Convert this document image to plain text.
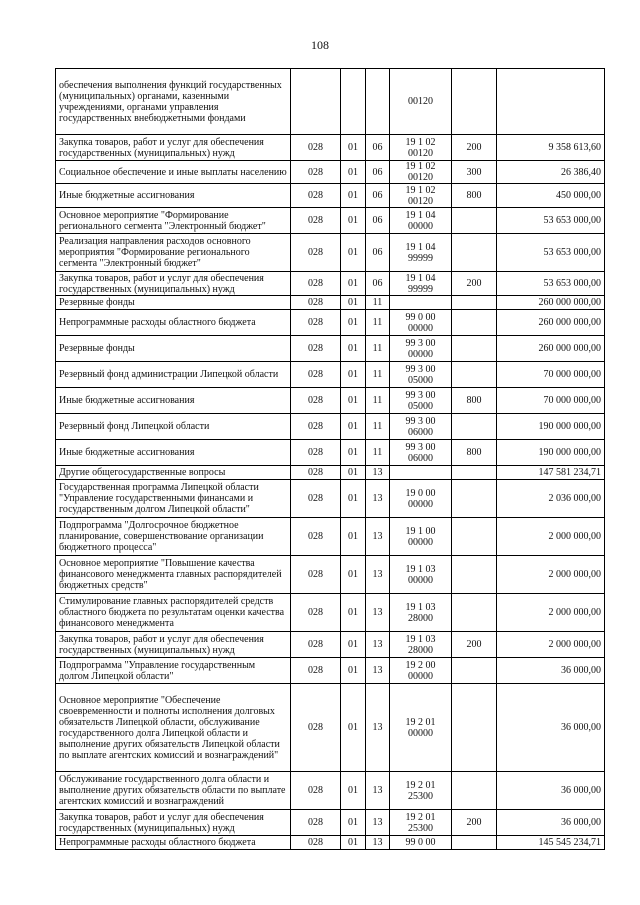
108
обеспечения выполнения функций государственных (муниципальных) органами, казенными учреждениями, органами управления государственных внебюджетными фондами				00120		
Закупка товаров, работ и услуг для обеспечения государственных (муниципальных) нужд	028	01	06	19 1 02 00120	200	9 358 613,60
Социальное обеспечение и иные выплаты населению	028	01	06	19 1 02 00120	300	26 386,40
Иные бюджетные ассигнования	028	01	06	19 1 02 00120	800	450 000,00
Основное мероприятие "Формирование регионального сегмента "Электронный бюджет"	028	01	06	19 1 04 00000		53 653 000,00
Реализация направления расходов основного мероприятия "Формирование регионального сегмента "Электронный бюджет"	028	01	06	19 1 04 99999		53 653 000,00
Закупка товаров, работ и услуг для обеспечения государственных (муниципальных) нужд	028	01	06	19 1 04 99999	200	53 653 000,00
Резервные фонды	028	01	11			260 000 000,00
Непрограммные расходы областного бюджета	028	01	11	99 0 00 00000		260 000 000,00
Резервные фонды	028	01	11	99 3 00 00000		260 000 000,00
Резервный фонд администрации Липецкой области	028	01	11	99 3 00 05000		70 000 000,00
Иные бюджетные ассигнования	028	01	11	99 3 00 05000	800	70 000 000,00
Резервный фонд Липецкой области	028	01	11	99 3 00 06000		190 000 000,00
Иные бюджетные ассигнования	028	01	11	99 3 00 06000	800	190 000 000,00
Другие общегосударственные вопросы	028	01	13			147 581 234,71
Государственная программа Липецкой области "Управление государственными финансами и государственным долгом Липецкой области"	028	01	13	19 0 00 00000		2 036 000,00
Подпрограмма "Долгосрочное бюджетное планирование, совершенствование организации бюджетного процесса"	028	01	13	19 1 00 00000		2 000 000,00
Основное мероприятие "Повышение качества финансового менеджмента главных распорядителей бюджетных средств"	028	01	13	19 1 03 00000		2 000 000,00
Стимулирование главных распорядителей средств областного бюджета по результатам оценки качества финансового менеджмента	028	01	13	19 1 03 28000		2 000 000,00
Закупка товаров, работ и услуг для обеспечения государственных (муниципальных) нужд	028	01	13	19 1 03 28000	200	2 000 000,00
Подпрограмма "Управление государственным долгом Липецкой области"	028	01	13	19 2 00 00000		36 000,00
Основное мероприятие "Обеспечение своевременности и полноты исполнения долговых обязательств Липецкой области, обслуживание государственного долга Липецкой области и выполнение других обязательств Липецкой области по выплате агентских комиссий и вознаграждений"	028	01	13	19 2 01 00000		36 000,00
Обслуживание государственного долга области и выполнение других обязательств области по выплате агентских комиссий и вознаграждений	028	01	13	19 2 01 25300		36 000,00
Закупка товаров, работ и услуг для обеспечения государственных (муниципальных) нужд	028	01	13	19 2 01 25300	200	36 000,00
Непрограммные расходы областного бюджета	028	01	13	99 0 00		145 545 234,71
